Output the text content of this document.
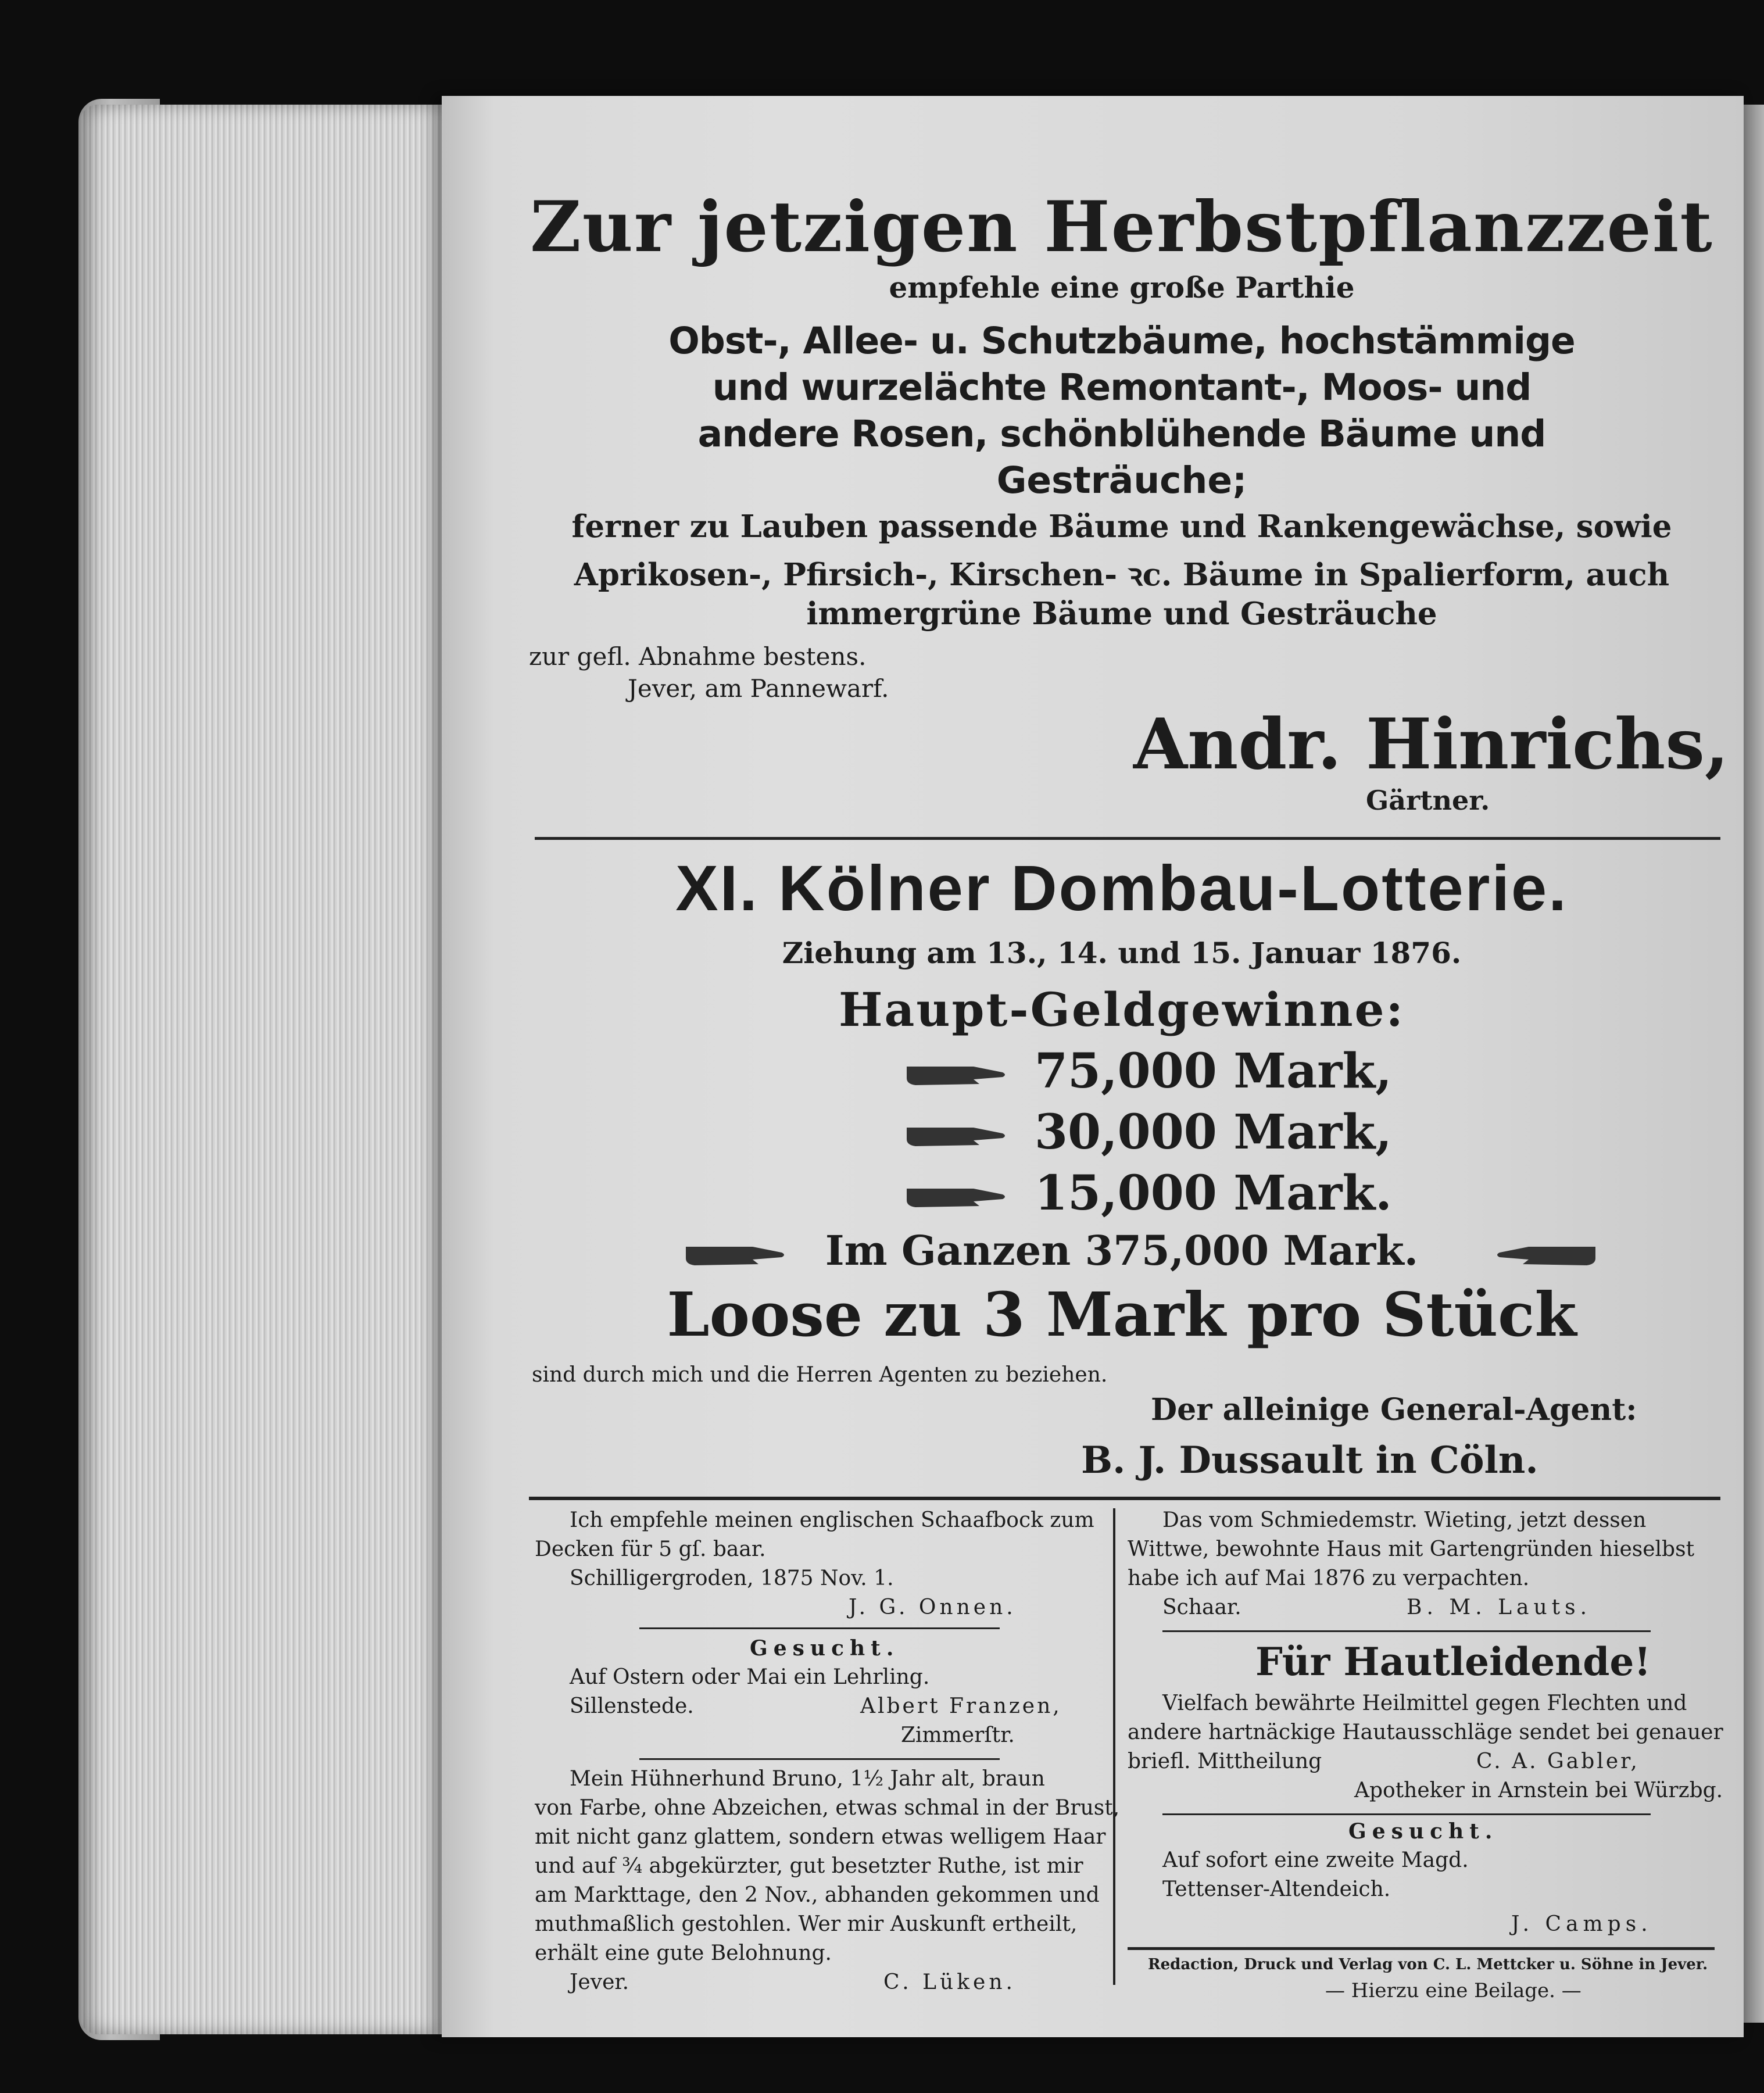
Zur jetzigen Herbstpflanzzeit
empfehle eine große Parthie
Obst-, Allee- u. Schutzbäume, hochstämmige
und wurzelächte Remontant-, Moos- und
andere Rosen, schönblühende Bäume und
Gesträuche;
ferner zu Lauben passende Bäume und Rankengewächse, sowie
Aprikosen-, Pfirsich-, Kirschen- ꝛc. Bäume in Spalierform, auch
immergrüne Bäume und Gesträuche
zur gefl. Abnahme bestens.
Jever, am Pannewarf.
Andr. Hinrichs,
Gärtner.
XI. Kölner Dombau-Lotterie.
Ziehung am 13., 14. und 15. Januar 1876.
Haupt-Geldgewinne:
75,000 Mark,
30,000 Mark,
15,000 Mark.
Im Ganzen 375,000 Mark.
Loose zu 3 Mark pro Stück
sind durch mich und die Herren Agenten zu beziehen.
Der alleinige General-Agent:
B. J. Dussault in Cöln.
Ich empfehle meinen englischen Schaafbock zum
Decken für 5 gſ. baar.
Schilligergroden, 1875 Nov. 1.
J. G. Onnen.
Gesucht.
Auf Ostern oder Mai ein Lehrling.
Sillenstede.	Albert Franzen,
Zimmerſtr.
Mein Hühnerhund Bruno, 1½ Jahr alt, braun
von Farbe, ohne Abzeichen, etwas schmal in der Brust,
mit nicht ganz glattem, sondern etwas welligem Haar
und auf ¾ abgekürzter, gut besetzter Ruthe, ist mir
am Markttage, den 2 Nov., abhanden gekommen und
muthmaßlich gestohlen. Wer mir Auskunft ertheilt,
erhält eine gute Belohnung.
Jever.	C. Lüken.
Das vom Schmiedemstr. Wieting, jetzt dessen
Wittwe, bewohnte Haus mit Gartengründen hieselbst
habe ich auf Mai 1876 zu verpachten.
Schaar.	B. M. Lauts.
Für Hautleidende!
Vielfach bewährte Heilmittel gegen Flechten und
andere hartnäckige Hautausschläge sendet bei genauer
briefl. Mittheilung	C. A. Gabler,
Apotheker in Arnstein bei Würzbg.
Gesucht.
Auf sofort eine zweite Magd.
Tettenser-Altendeich.
J. Camps.
Redaction, Druck und Verlag von C. L. Mettcker u. Söhne in Jever.
— Hierzu eine Beilage. —
